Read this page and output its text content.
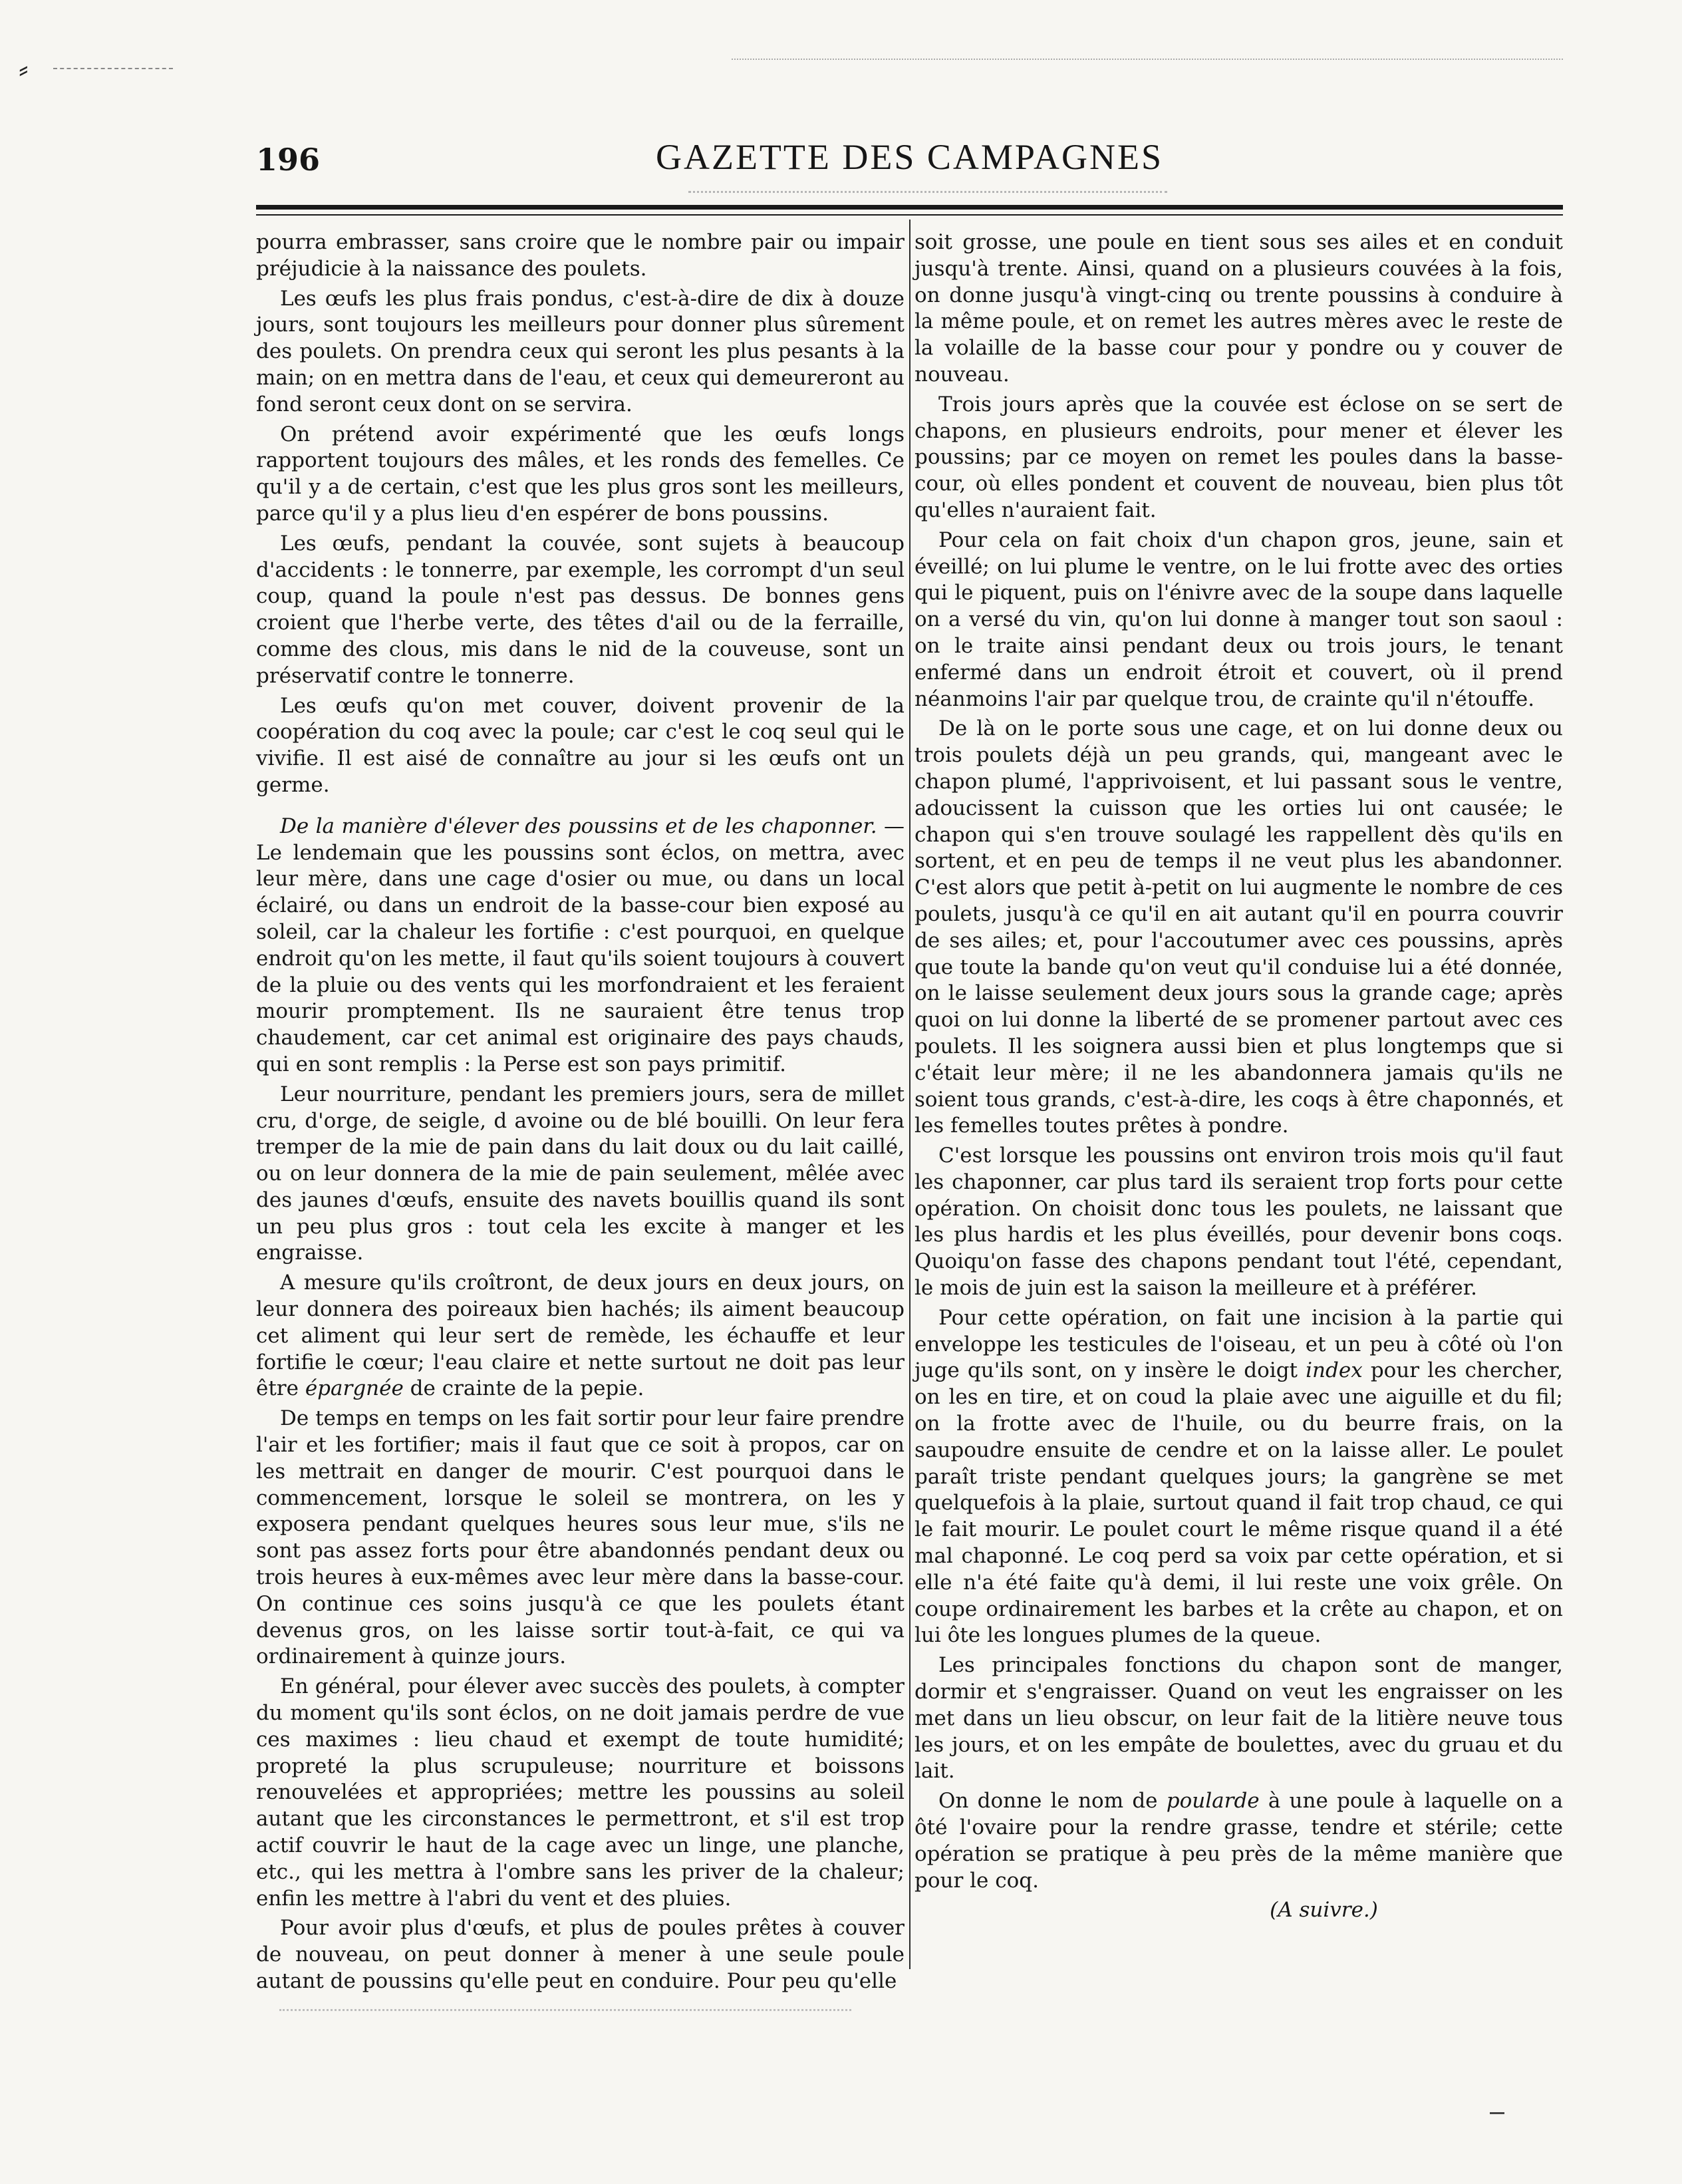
⸗
196	GAZETTE DES CAMPAGNES

pourra embrasser, sans croire que le nombre pair ou impair préjudicie à la naissance des poulets.

Les œufs les plus frais pondus, c'est-à-dire de dix à douze jours, sont toujours les meilleurs pour donner plus sûrement des poulets. On prendra ceux qui seront les plus pesants à la main; on en mettra dans de l'eau, et ceux qui demeureront au fond seront ceux dont on se servira.

On prétend avoir expérimenté que les œufs longs rapportent toujours des mâles, et les ronds des femelles. Ce qu'il y a de certain, c'est que les plus gros sont les meilleurs, parce qu'il y a plus lieu d'en espérer de bons poussins.

Les œufs, pendant la couvée, sont sujets à beaucoup d'accidents : le tonnerre, par exemple, les corrompt d'un seul coup, quand la poule n'est pas dessus. De bonnes gens croient que l'herbe verte, des têtes d'ail ou de la ferraille, comme des clous, mis dans le nid de la couveuse, sont un préservatif contre le tonnerre.

Les œufs qu'on met couver, doivent provenir de la coopération du coq avec la poule; car c'est le coq seul qui le vivifie. Il est aisé de connaître au jour si les œufs ont un germe.

De la manière d'élever des poussins et de les chaponner. —Le lendemain que les poussins sont éclos, on mettra, avec leur mère, dans une cage d'osier ou mue, ou dans un local éclairé, ou dans un endroit de la basse-cour bien exposé au soleil, car la chaleur les fortifie : c'est pourquoi, en quelque endroit qu'on les mette, il faut qu'ils soient toujours à couvert de la pluie ou des vents qui les morfondraient et les feraient mourir promptement. Ils ne sauraient être tenus trop chaudement, car cet animal est originaire des pays chauds, qui en sont remplis : la Perse est son pays primitif.

Leur nourriture, pendant les premiers jours, sera de millet cru, d'orge, de seigle, d avoine ou de blé bouilli. On leur fera tremper de la mie de pain dans du lait doux ou du lait caillé, ou on leur donnera de la mie de pain seulement, mêlée avec des jaunes d'œufs, ensuite des navets bouillis quand ils sont un peu plus gros : tout cela les excite à manger et les engraisse.

A mesure qu'ils croîtront, de deux jours en deux jours, on leur donnera des poireaux bien hachés; ils aiment beaucoup cet aliment qui leur sert de remède, les échauffe et leur fortifie le cœur; l'eau claire et nette surtout ne doit pas leur être épargnée de crainte de la pepie.

De temps en temps on les fait sortir pour leur faire prendre l'air et les fortifier; mais il faut que ce soit à propos, car on les mettrait en danger de mourir. C'est pourquoi dans le commencement, lorsque le soleil se montrera, on les y exposera pendant quelques heures sous leur mue, s'ils ne sont pas assez forts pour être abandonnés pendant deux ou trois heures à eux-mêmes avec leur mère dans la basse-cour. On continue ces soins jusqu'à ce que les poulets étant devenus gros, on les laisse sortir tout-à-fait, ce qui va ordinairement à quinze jours.

En général, pour élever avec succès des poulets, à compter du moment qu'ils sont éclos, on ne doit jamais perdre de vue ces maximes : lieu chaud et exempt de toute humidité; propreté la plus scrupuleuse; nourriture et boissons renouvelées et appropriées; mettre les poussins au soleil autant que les circonstances le permettront, et s'il est trop actif couvrir le haut de la cage avec un linge, une planche, etc., qui les mettra à l'ombre sans les priver de la chaleur; enfin les mettre à l'abri du vent et des pluies.

Pour avoir plus d'œufs, et plus de poules prêtes à couver de nouveau, on peut donner à mener à une seule poule autant de poussins qu'elle peut en conduire. Pour peu qu'elle

soit grosse, une poule en tient sous ses ailes et en conduit jusqu'à trente. Ainsi, quand on a plusieurs couvées à la fois, on donne jusqu'à vingt-cinq ou trente poussins à conduire à la même poule, et on remet les autres mères avec le reste de la volaille de la basse cour pour y pondre ou y couver de nouveau.

Trois jours après que la couvée est éclose on se sert de chapons, en plusieurs endroits, pour mener et élever les poussins; par ce moyen on remet les poules dans la basse-cour, où elles pondent et couvent de nouveau, bien plus tôt qu'elles n'auraient fait.

Pour cela on fait choix d'un chapon gros, jeune, sain et éveillé; on lui plume le ventre, on le lui frotte avec des orties qui le piquent, puis on l'énivre avec de la soupe dans laquelle on a versé du vin, qu'on lui donne à manger tout son saoul : on le traite ainsi pendant deux ou trois jours, le tenant enfermé dans un endroit étroit et couvert, où il prend néanmoins l'air par quelque trou, de crainte qu'il n'étouffe.

De là on le porte sous une cage, et on lui donne deux ou trois poulets déjà un peu grands, qui, mangeant avec le chapon plumé, l'apprivoisent, et lui passant sous le ventre, adoucissent la cuisson que les orties lui ont causée; le chapon qui s'en trouve soulagé les rappellent dès qu'ils en sortent, et en peu de temps il ne veut plus les abandonner. C'est alors que petit à-petit on lui augmente le nombre de ces poulets, jusqu'à ce qu'il en ait autant qu'il en pourra couvrir de ses ailes; et, pour l'accoutumer avec ces poussins, après que toute la bande qu'on veut qu'il conduise lui a été donnée, on le laisse seulement deux jours sous la grande cage; après quoi on lui donne la liberté de se promener partout avec ces poulets. Il les soignera aussi bien et plus longtemps que si c'était leur mère; il ne les abandonnera jamais qu'ils ne soient tous grands, c'est-à-dire, les coqs à être chaponnés, et les femelles toutes prêtes à pondre.

C'est lorsque les poussins ont environ trois mois qu'il faut les chaponner, car plus tard ils seraient trop forts pour cette opération. On choisit donc tous les poulets, ne laissant que les plus hardis et les plus éveillés, pour devenir bons coqs. Quoiqu'on fasse des chapons pendant tout l'été, cependant, le mois de juin est la saison la meilleure et à préférer.

Pour cette opération, on fait une incision à la partie qui enveloppe les testicules de l'oiseau, et un peu à côté où l'on juge qu'ils sont, on y insère le doigt index pour les chercher, on les en tire, et on coud la plaie avec une aiguille et du fil; on la frotte avec de l'huile, ou du beurre frais, on la saupoudre ensuite de cendre et on la laisse aller. Le poulet paraît triste pendant quelques jours; la gangrène se met quelquefois à la plaie, surtout quand il fait trop chaud, ce qui le fait mourir. Le poulet court le même risque quand il a été mal chaponné. Le coq perd sa voix par cette opération, et si elle n'a été faite qu'à demi, il lui reste une voix grêle. On coupe ordinairement les barbes et la crête au chapon, et on lui ôte les longues plumes de la queue.

Les principales fonctions du chapon sont de manger, dormir et s'engraisser. Quand on veut les engraisser on les met dans un lieu obscur, on leur fait de la litière neuve tous les jours, et on les empâte de boulettes, avec du gruau et du lait.

On donne le nom de poularde à une poule à laquelle on a ôté l'ovaire pour la rendre grasse, tendre et stérile; cette opération se pratique à peu près de la même manière que pour le coq.

(A suivre.)
